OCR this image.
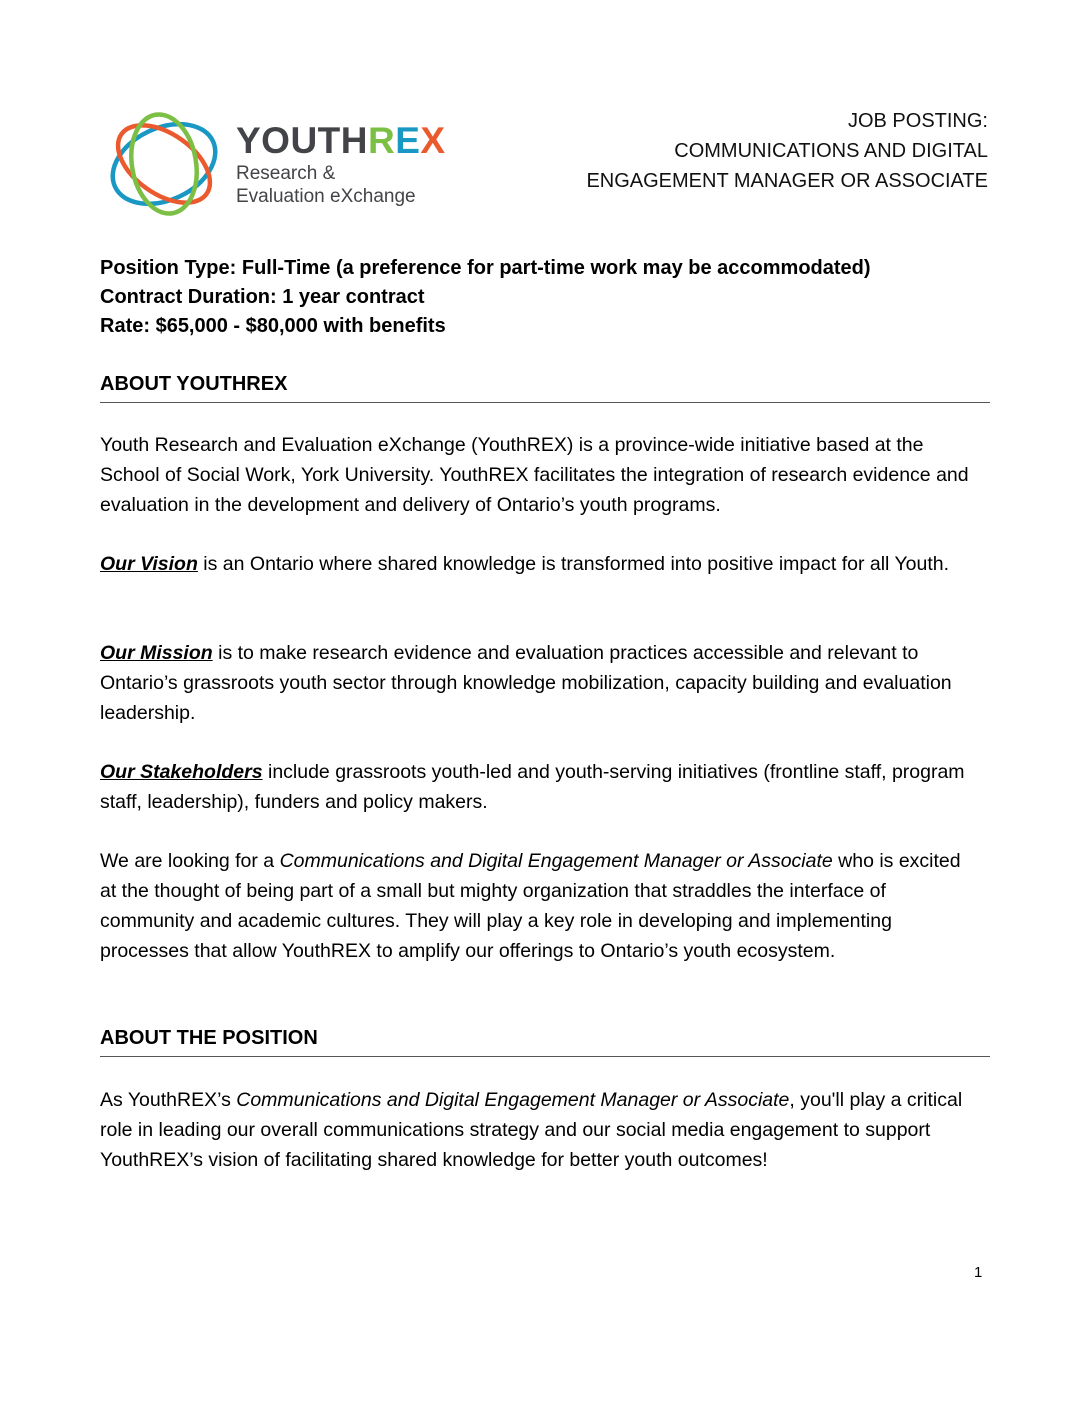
YOUTHREX
Research &
Evaluation eXchange
JOB POSTING:
COMMUNICATIONS AND DIGITAL
ENGAGEMENT MANAGER OR ASSOCIATE
Position Type: Full-Time (a preference for part-time work may be accommodated)
Contract Duration: 1 year contract
Rate: $65,000 - $80,000 with benefits
ABOUT YOUTHREX
Youth Research and Evaluation eXchange (YouthREX) is a province-wide initiative based at the School of Social Work, York University. YouthREX facilitates the integration of research evidence and evaluation in the development and delivery of Ontario’s youth programs.
Our Vision is an Ontario where shared knowledge is transformed into positive impact for all Youth.
Our Mission is to make research evidence and evaluation practices accessible and relevant to Ontario’s grassroots youth sector through knowledge mobilization, capacity building and evaluation leadership.
Our Stakeholders include grassroots youth-led and youth-serving initiatives (frontline staff, program staff, leadership), funders and policy makers.
We are looking for a Communications and Digital Engagement Manager or Associate who is excited at the thought of being part of a small but mighty organization that straddles the interface of community and academic cultures. They will play a key role in developing and implementing processes that allow YouthREX to amplify our offerings to Ontario’s youth ecosystem.
ABOUT THE POSITION
As YouthREX’s Communications and Digital Engagement Manager or Associate, you'll play a critical role in leading our overall communications strategy and our social media engagement to support YouthREX’s vision of facilitating shared knowledge for better youth outcomes!
1
